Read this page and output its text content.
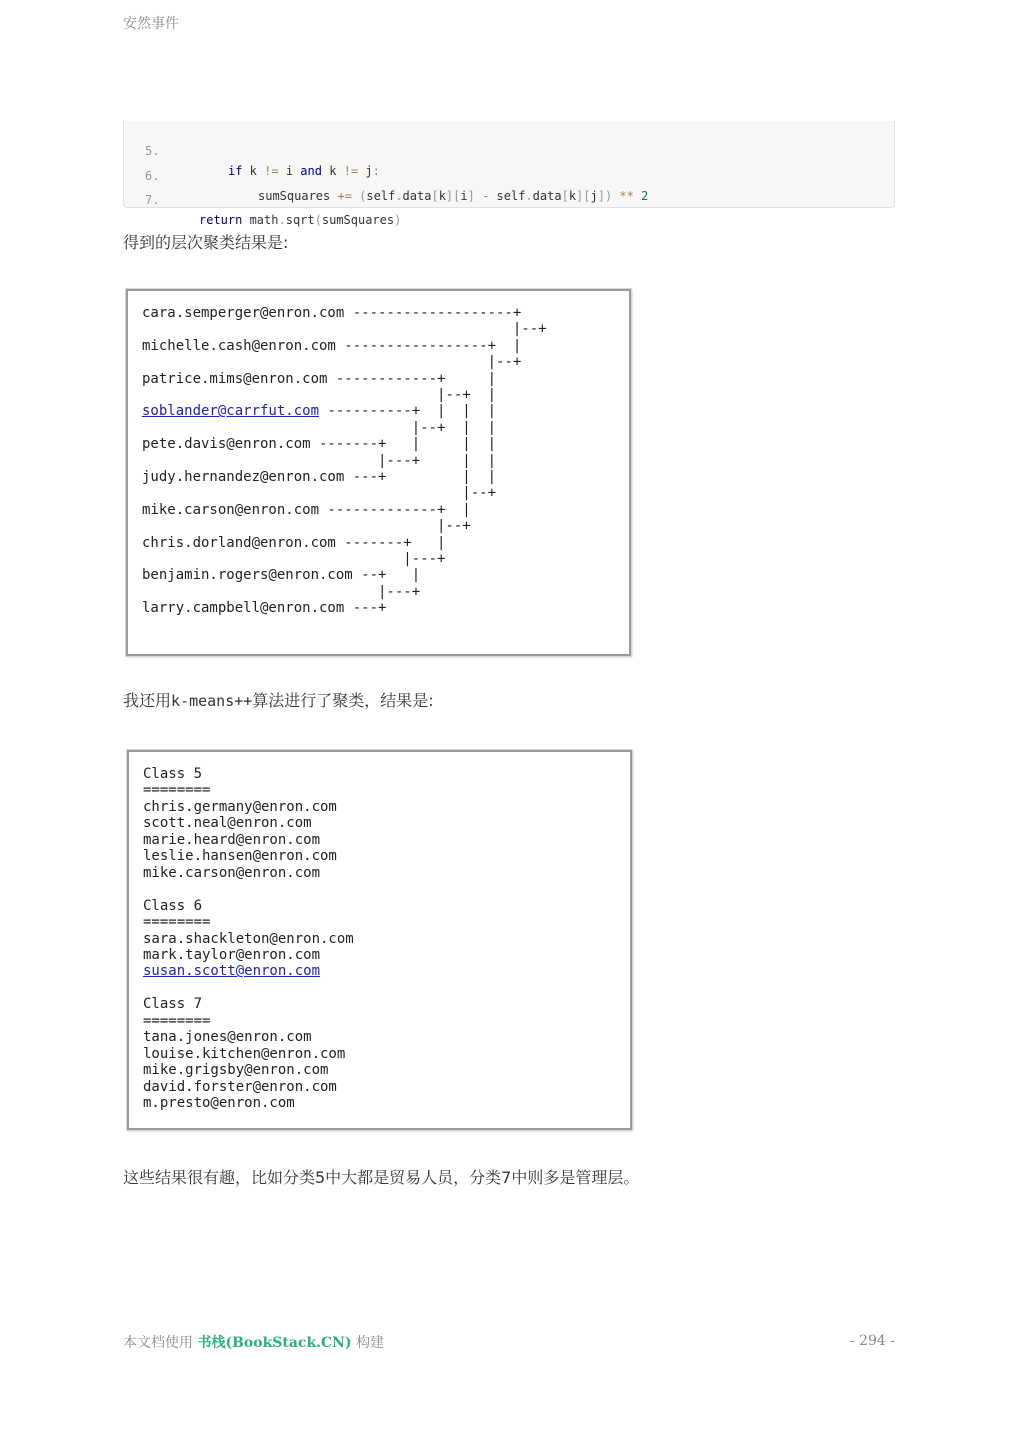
安然事件

5.

if k != i and k != j:

6.

sumSquares += (self.data[k][i] - self.data[k][j]) ** 2

7.

return math.sqrt(sumSquares)

得到的层次聚类结果是:
cara.semperger@enron.com -------------------+
|--+
michelle.cash@enron.com -----------------+  |
|--+
patrice.mims@enron.com ------------+     |
|--+  |
soblander@carrfut.com ----------+  |  |  |
|--+  |  |
pete.davis@enron.com -------+   |     |  |
|---+     |  |
judy.hernandez@enron.com ---+         |  |
|--+
mike.carson@enron.com -------------+  |
|--+
chris.dorland@enron.com -------+   |
|---+
benjamin.rogers@enron.com --+   |
|---+
larry.campbell@enron.com ---+
我还用k-means++算法进行了聚类，结果是:
Class 5
========
chris.germany@enron.com
scott.neal@enron.com
marie.heard@enron.com
leslie.hansen@enron.com
mike.carson@enron.com
Class 6
========
sara.shackleton@enron.com
mark.taylor@enron.com
susan.scott@enron.com
Class 7
========
tana.jones@enron.com
louise.kitchen@enron.com
mike.grigsby@enron.com
david.forster@enron.com
m.presto@enron.com
这些结果很有趣，比如分类5中大都是贸易人员，分类7中则多是管理层。
本文档使用 书栈(BookStack.CN) 构建	- 294 -
